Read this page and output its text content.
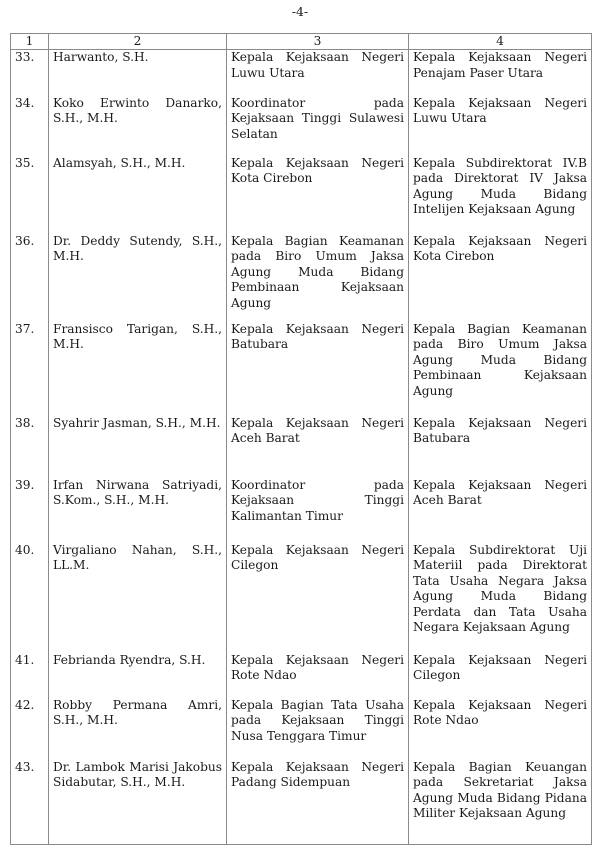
-4-
1	2	3	4

33.	Harwanto, S.H.	Kepala Kejaksaan Negeri Luwu Utara	Kepala Kejaksaan Negeri Penajam Paser Utara

34.	Koko Erwinto Danarko, S.H., M.H.	Koordinator pada Kejaksaan Tinggi Sulawesi Selatan	Kepala Kejaksaan Negeri Luwu Utara

35.	Alamsyah, S.H., M.H.	Kepala Kejaksaan Negeri Kota Cirebon	Kepala Subdirektorat IV.B pada Direktorat IV Jaksa Agung Muda Bidang Intelijen Kejaksaan Agung

36.	Dr. Deddy Sutendy, S.H., M.H.	Kepala Bagian Keamanan pada Biro Umum Jaksa Agung Muda Bidang Pembinaan Kejaksaan Agung	Kepala Kejaksaan Negeri Kota Cirebon

37.	Fransisco Tarigan, S.H., M.H.	Kepala Kejaksaan Negeri Batubara	Kepala Bagian Keamanan pada Biro Umum Jaksa Agung Muda Bidang Pembinaan Kejaksaan Agung

38.	Syahrir Jasman, S.H., M.H.	Kepala Kejaksaan Negeri Aceh Barat	Kepala Kejaksaan Negeri Batubara

39.	Irfan Nirwana Satriyadi, S.Kom., S.H., M.H.	Koordinator pada Kejaksaan Tinggi Kalimantan Timur	Kepala Kejaksaan Negeri Aceh Barat

40.	Virgaliano Nahan, S.H., LL.M.	Kepala Kejaksaan Negeri Cilegon	Kepala Subdirektorat Uji Materiil pada Direktorat Tata Usaha Negara Jaksa Agung Muda Bidang Perdata dan Tata Usaha Negara Kejaksaan Agung

41.	Febrianda Ryendra, S.H.	Kepala Kejaksaan Negeri Rote Ndao	Kepala Kejaksaan Negeri Cilegon

42.	Robby Permana Amri, S.H., M.H.	Kepala Bagian Tata Usaha pada Kejaksaan Tinggi Nusa Tenggara Timur	Kepala Kejaksaan Negeri Rote Ndao

43.	Dr. Lambok Marisi Jakobus Sidabutar, S.H., M.H.	Kepala Kejaksaan Negeri Padang Sidempuan	Kepala Bagian Keuangan pada Sekretariat Jaksa Agung Muda Bidang Pidana Militer Kejaksaan Agung
